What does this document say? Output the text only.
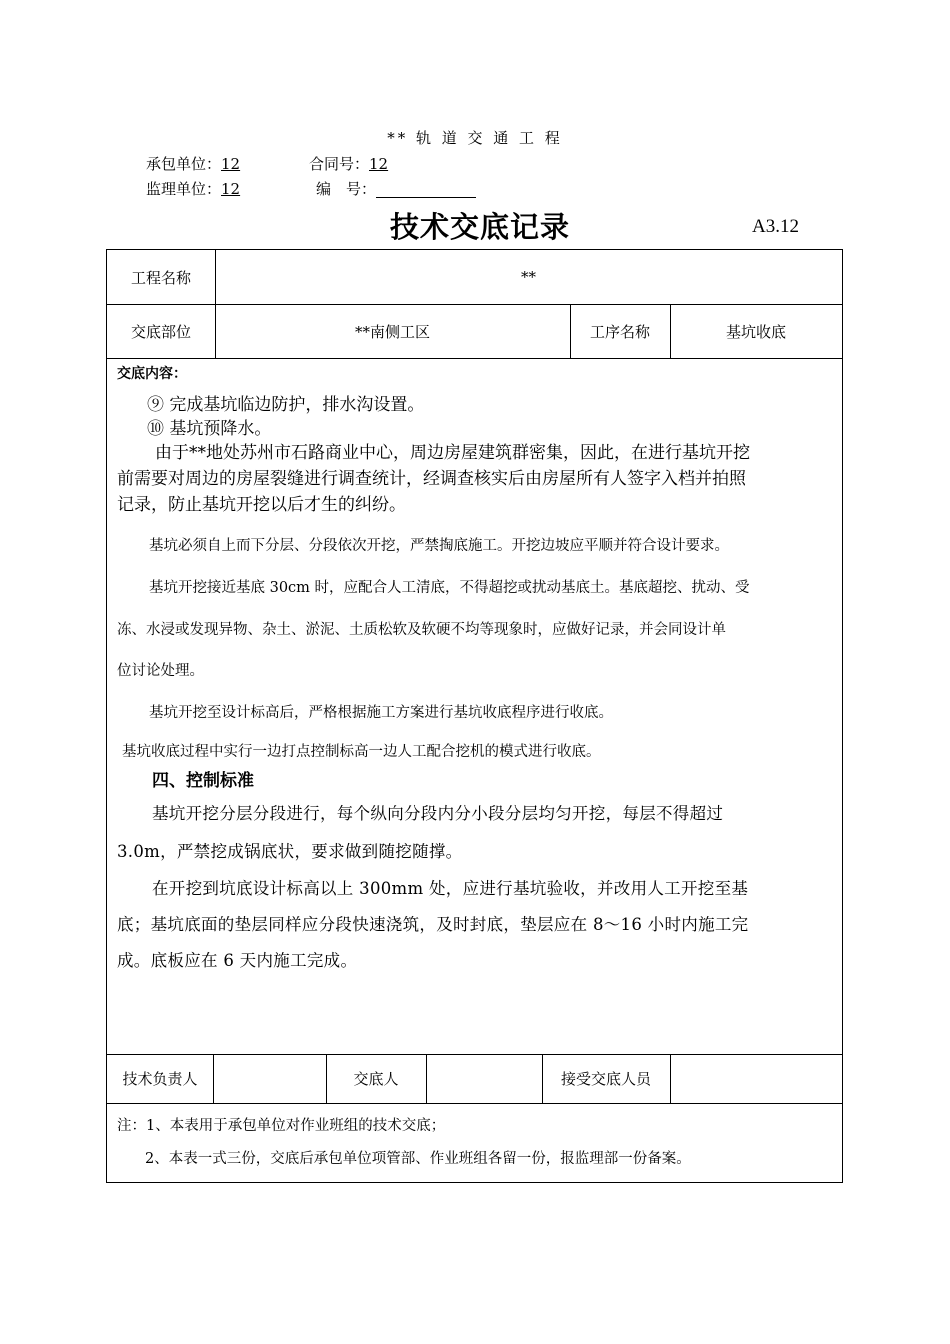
** 轨 道 交 通 工 程
承包单位：12	合同号：12
监理单位：12	编　号：
技术交底记录	A3.12
工程名称	**
交底部位	**南侧工区	工序名称	基坑收底
交底内容：
⑨ 完成基坑临边防护，排水沟设置。
⑩ 基坑预降水。
由于**地处苏州市石路商业中心，周边房屋建筑群密集，因此，在进行基坑开挖
前需要对周边的房屋裂缝进行调查统计，经调查核实后由房屋所有人签字入档并拍照
记录，防止基坑开挖以后才生的纠纷。
基坑必须自上而下分层、分段依次开挖，严禁掏底施工。开挖边坡应平顺并符合设计要求。
基坑开挖接近基底 30cm 时，应配合人工清底，不得超挖或扰动基底土。基底超挖、扰动、受
冻、水浸或发现异物、杂土、淤泥、土质松软及软硬不均等现象时，应做好记录，并会同设计单
位讨论处理。
基坑开挖至设计标高后，严格根据施工方案进行基坑收底程序进行收底。
基坑收底过程中实行一边打点控制标高一边人工配合挖机的模式进行收底。
四、控制标准
基坑开挖分层分段进行，每个纵向分段内分小段分层均匀开挖，每层不得超过
3.0m，严禁挖成锅底状，要求做到随挖随撑。
在开挖到坑底设计标高以上 300mm 处，应进行基坑验收，并改用人工开挖至基
底；基坑底面的垫层同样应分段快速浇筑，及时封底，垫层应在 8～16 小时内施工完
成。底板应在 6 天内施工完成。
技术负责人	交底人	接受交底人员
注：1、本表用于承包单位对作业班组的技术交底；
2、本表一式三份，交底后承包单位项管部、作业班组各留一份，报监理部一份备案。
